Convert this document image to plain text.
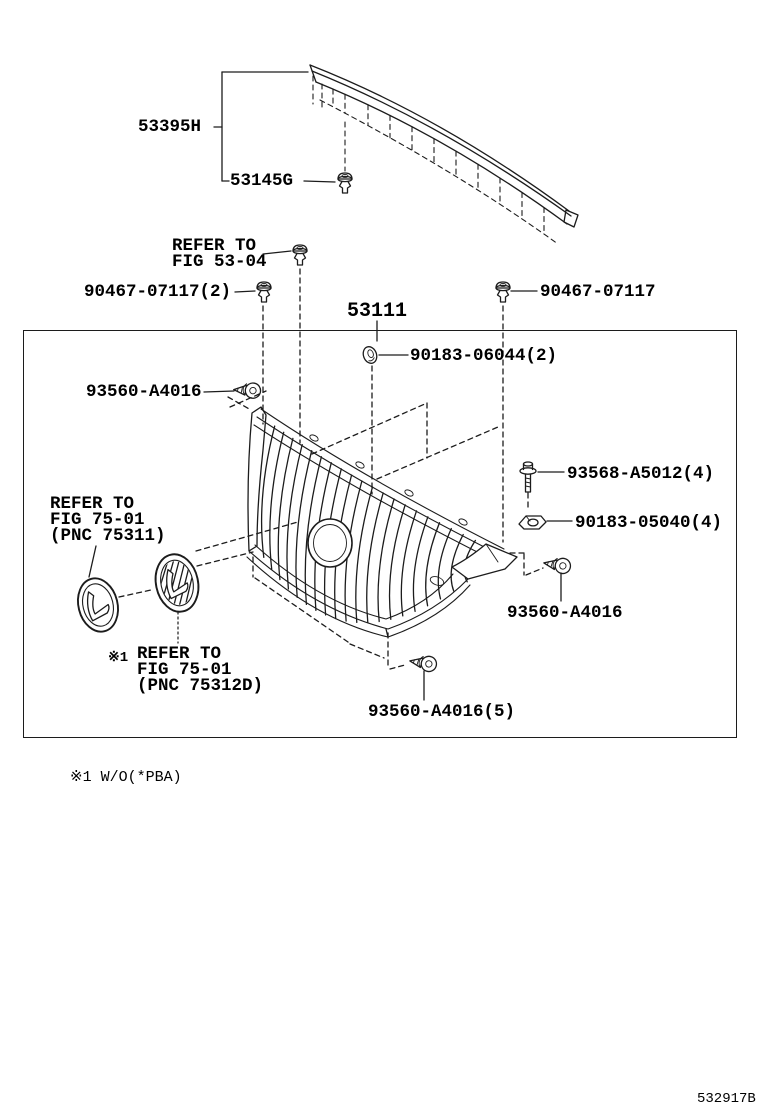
53395H
53145G
REFER TO
FIG 53-04
90467-07117(2)	90467-07117
53111
90183-06044(2)
93560-A4016
93568-A5012(4)
90183-05040(4)
93560-A4016
93560-A4016(5)
REFER TO
FIG 75-01
(PNC 75311)
※1 REFER TO
FIG 75-01
(PNC 75312D)
※1 W/O(*PBA)
532917B
